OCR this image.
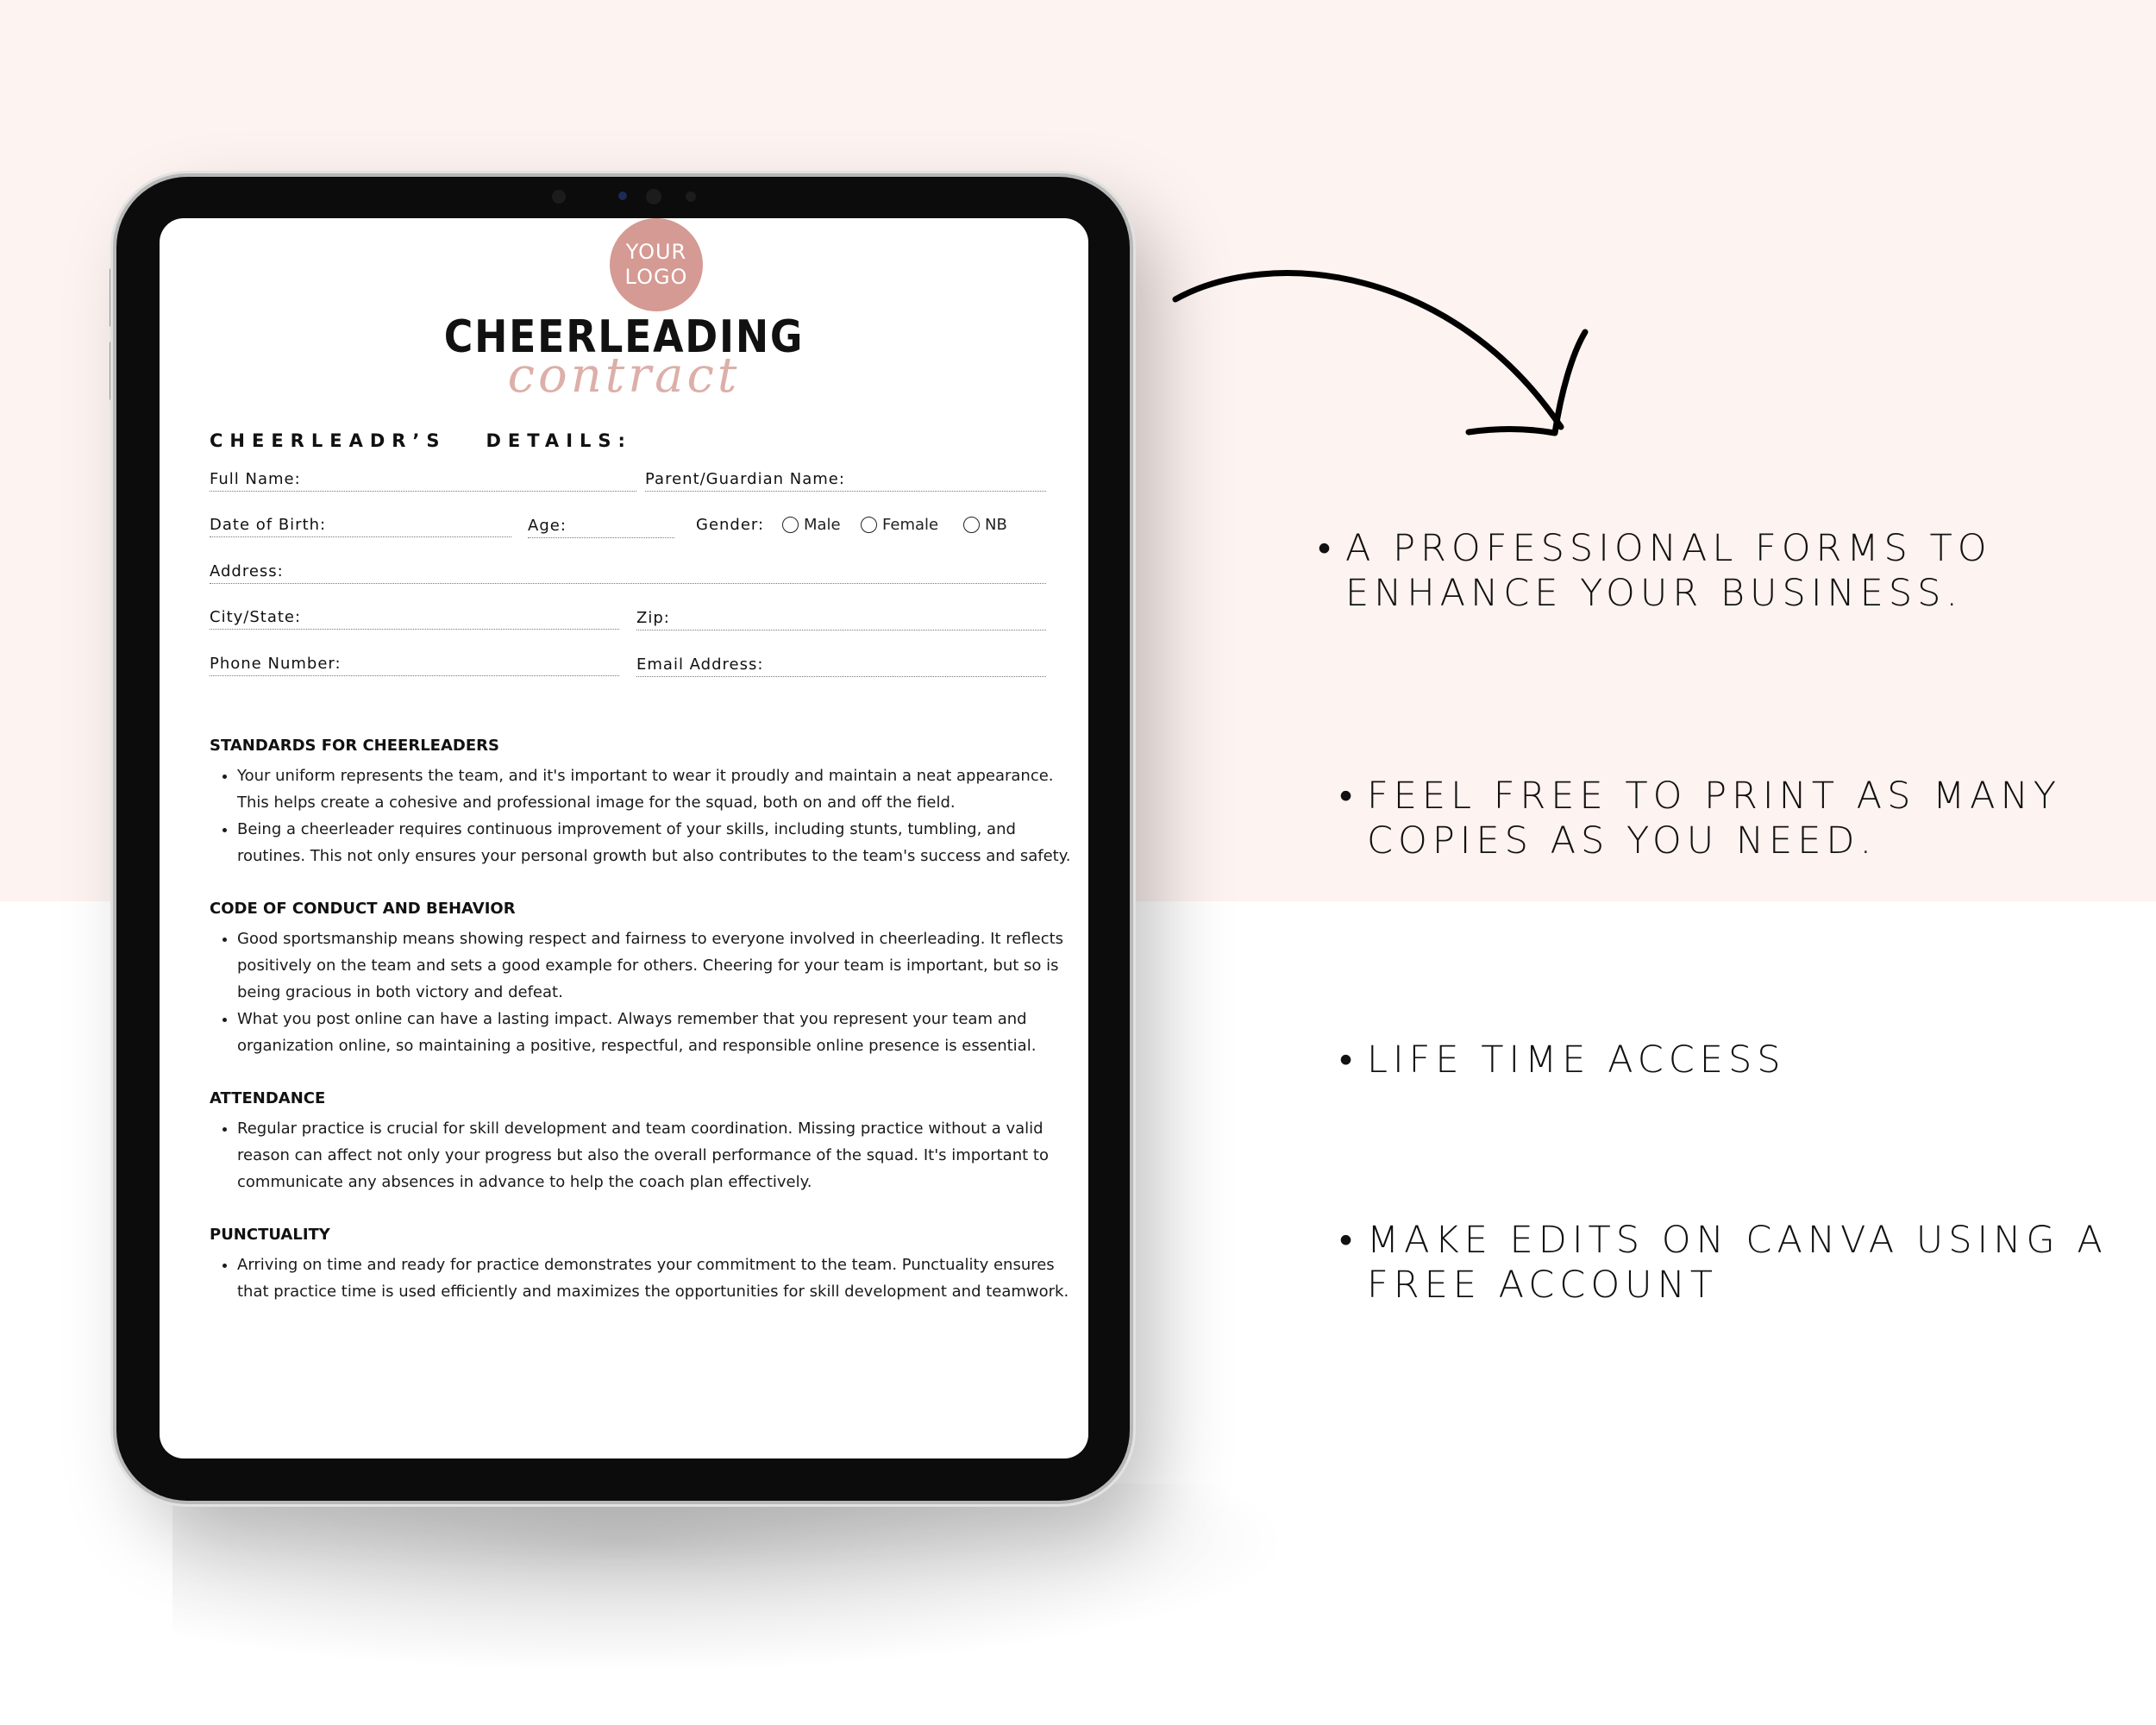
YOUR
LOGO
CHEERLEADING
contract
CHEERLEADR’S   DETAILS:
Full Name:	Parent/Guardian Name:
Date of Birth:	Age:	Gender:	Male	Female	NB
Address:
City/State:	Zip:
Phone Number:	Email Address:
STANDARDS FOR CHEERLEADERS
• Your uniform represents the team, and it's important to wear it proudly and maintain a neat appearance. This helps create a cohesive and professional image for the squad, both on and off the field.
• Being a cheerleader requires continuous improvement of your skills, including stunts, tumbling, and routines. This not only ensures your personal growth but also contributes to the team's success and safety.
CODE OF CONDUCT AND BEHAVIOR
• Good sportsmanship means showing respect and fairness to everyone involved in cheerleading. It reflects positively on the team and sets a good example for others. Cheering for your team is important, but so is being gracious in both victory and defeat.
• What you post online can have a lasting impact. Always remember that you represent your team and organization online, so maintaining a positive, respectful, and responsible online presence is essential.
ATTENDANCE
• Regular practice is crucial for skill development and team coordination. Missing practice without a valid reason can affect not only your progress but also the overall performance of the squad. It's important to communicate any absences in advance to help the coach plan effectively.
PUNCTUALITY
• Arriving on time and ready for practice demonstrates your commitment to the team. Punctuality ensures that practice time is used efficiently and maximizes the opportunities for skill development and teamwork.
• A PROFESSIONAL FORMS TO
ENHANCE YOUR BUSINESS.
• FEEL FREE TO PRINT AS MANY
COPIES AS YOU NEED.
• LIFE TIME ACCESS
• MAKE EDITS ON CANVA USING A
FREE ACCOUNT
